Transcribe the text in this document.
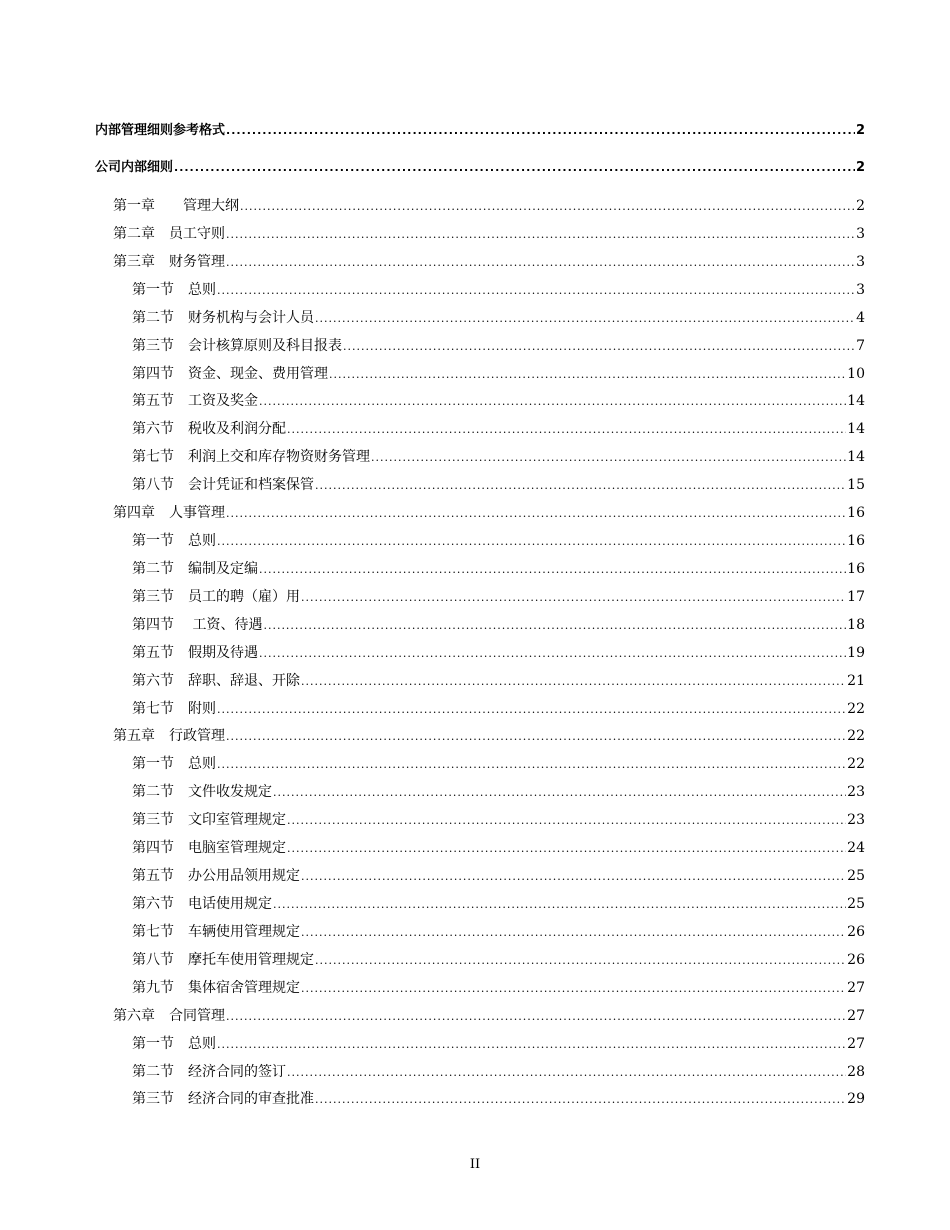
内部管理细则参考格式 .....	2
公司内部细则 .....	2
第一章　　管理大纲 .....	2
第二章　员工守则 .....	3
第三章　财务管理 .....	3
第一节　总则 .....	3
第二节　财务机构与会计人员 .....	4
第三节　会计核算原则及科目报表 .....	7
第四节　资金、现金、费用管理 .....	10
第五节　工资及奖金 .....	14
第六节　税收及利润分配 .....	14
第七节　利润上交和库存物资财务管理 .....	14
第八节　会计凭证和档案保管 .....	15
第四章　人事管理 .....	16
第一节　总则 .....	16
第二节　编制及定编 .....	16
第三节　员工的聘（雇）用 .....	17
第四节　 工资、待遇 .....	18
第五节　假期及待遇 .....	19
第六节　辞职、辞退、开除 .....	21
第七节　附则 .....	22
第五章　行政管理 .....	22
第一节　总则 .....	22
第二节　文件收发规定 .....	23
第三节　文印室管理规定 .....	23
第四节　电脑室管理规定 .....	24
第五节　办公用品领用规定 .....	25
第六节　电话使用规定 .....	25
第七节　车辆使用管理规定 .....	26
第八节　摩托车使用管理规定 .....	26
第九节　集体宿舍管理规定 .....	27
第六章　合同管理 .....	27
第一节　总则 .....	27
第二节　经济合同的签订 .....	28
第三节　经济合同的审查批准 .....	29
II
